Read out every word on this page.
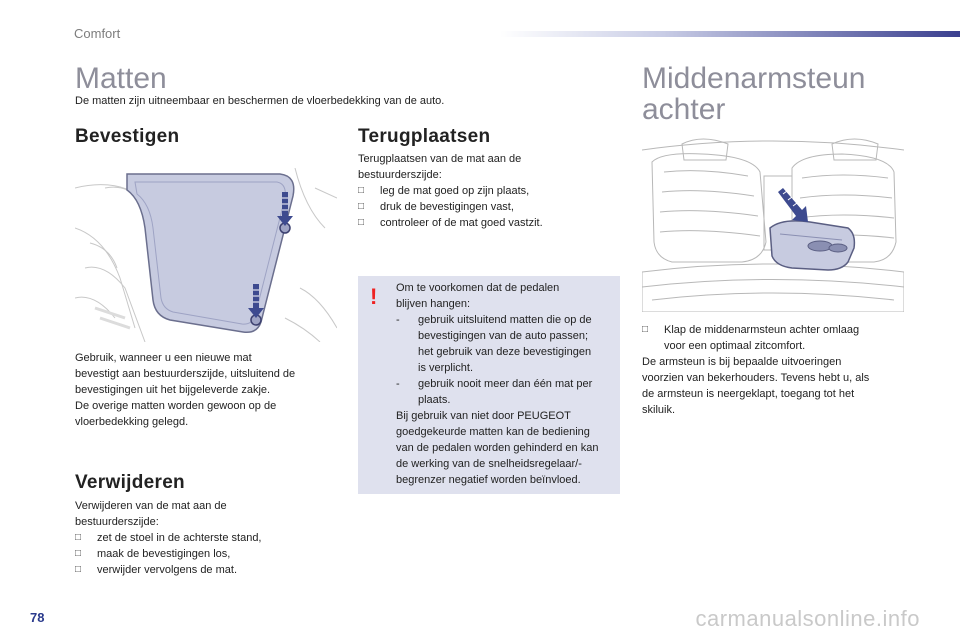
Comfort
Matten
De matten zijn uitneembaar en beschermen de vloerbedekking van de auto.
Bevestigen
Gebruik, wanneer u een nieuwe mat
bevestigt aan bestuurderszijde, uitsluitend de
bevestigingen uit het bijgeleverde zakje.
De overige matten worden gewoon op de
vloerbedekking gelegd.
Verwijderen
Verwijderen van de mat aan de
bestuurderszijde:
□ zet de stoel in de achterste stand,
□ maak de bevestigingen los,
□ verwijder vervolgens de mat.
Terugplaatsen
Terugplaatsen van de mat aan de
bestuurderszijde:
□ leg de mat goed op zijn plaats,
□ druk de bevestigingen vast,
□ controleer of de mat goed vastzit.
! Om te voorkomen dat de pedalen
blijven hangen:
- gebruik uitsluitend matten die op de
bevestigingen van de auto passen;
het gebruik van deze bevestigingen
is verplicht.
- gebruik nooit meer dan één mat per
plaats.
Bij gebruik van niet door PEUGEOT
goedgekeurde matten kan de bediening
van de pedalen worden gehinderd en kan
de werking van de snelheidsregelaar/-
begrenzer negatief worden beïnvloed.
Middenarmsteun
achter
□ Klap de middenarmsteun achter omlaag
voor een optimaal zitcomfort.
De armsteun is bij bepaalde uitvoeringen
voorzien van bekerhouders. Tevens hebt u, als
de armsteun is neergeklapt, toegang tot het
skiluik.
78	carmanualsonline.info
